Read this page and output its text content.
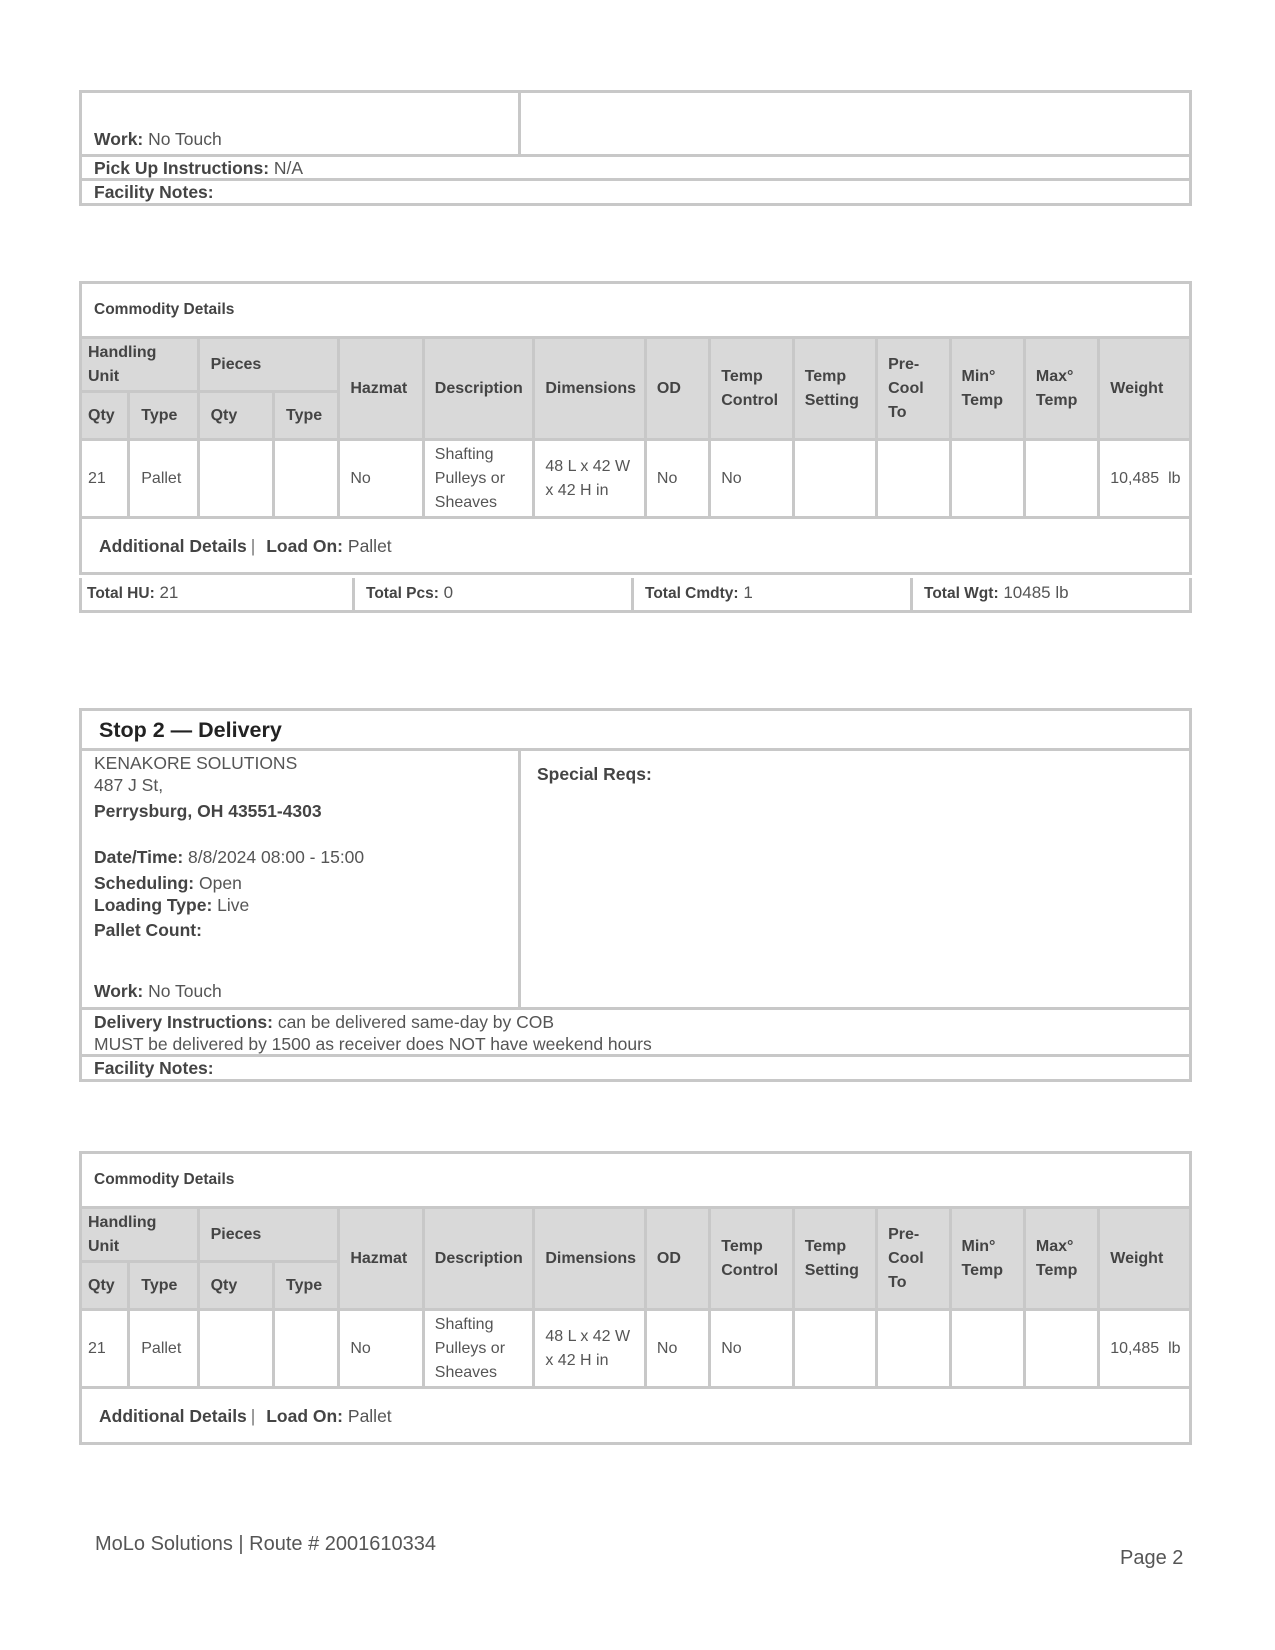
Work: No Touch
Pick Up Instructions: N/A
Facility Notes:
Commodity Details													
Handling Unit		Pieces		Hazmat	Description	Dimensions	OD	Temp Control	Temp Setting	Pre-Cool To	Min° Temp	Max° Temp	Weight
Qty	Type	Qty	Type										
21	Pallet			No	Shafting Pulleys or Sheaves	48 L x 42 W x 42 H in	No	No					10,485  lb
Additional Details | Load On: Pallet													
Total HU: 21	Total Pcs: 0	Total Cmdty: 1	Total Wgt: 10485 lb
Stop 2 — Delivery
KENAKORE SOLUTIONS
487 J St,
Perrysburg, OH 43551-4303
Date/Time: 8/8/2024 08:00 - 15:00
Scheduling: Open
Loading Type: Live
Pallet Count:
Work: No Touch
Special Reqs:
Delivery Instructions: can be delivered same-day by COB
MUST be delivered by 1500 as receiver does NOT have weekend hours
Facility Notes:
Commodity Details													
Handling Unit		Pieces		Hazmat	Description	Dimensions	OD	Temp Control	Temp Setting	Pre-Cool To	Min° Temp	Max° Temp	Weight
Qty	Type	Qty	Type										
21	Pallet			No	Shafting Pulleys or Sheaves	48 L x 42 W x 42 H in	No	No					10,485  lb
Additional Details | Load On: Pallet													
MoLo Solutions | Route # 2001610334
Page 2
